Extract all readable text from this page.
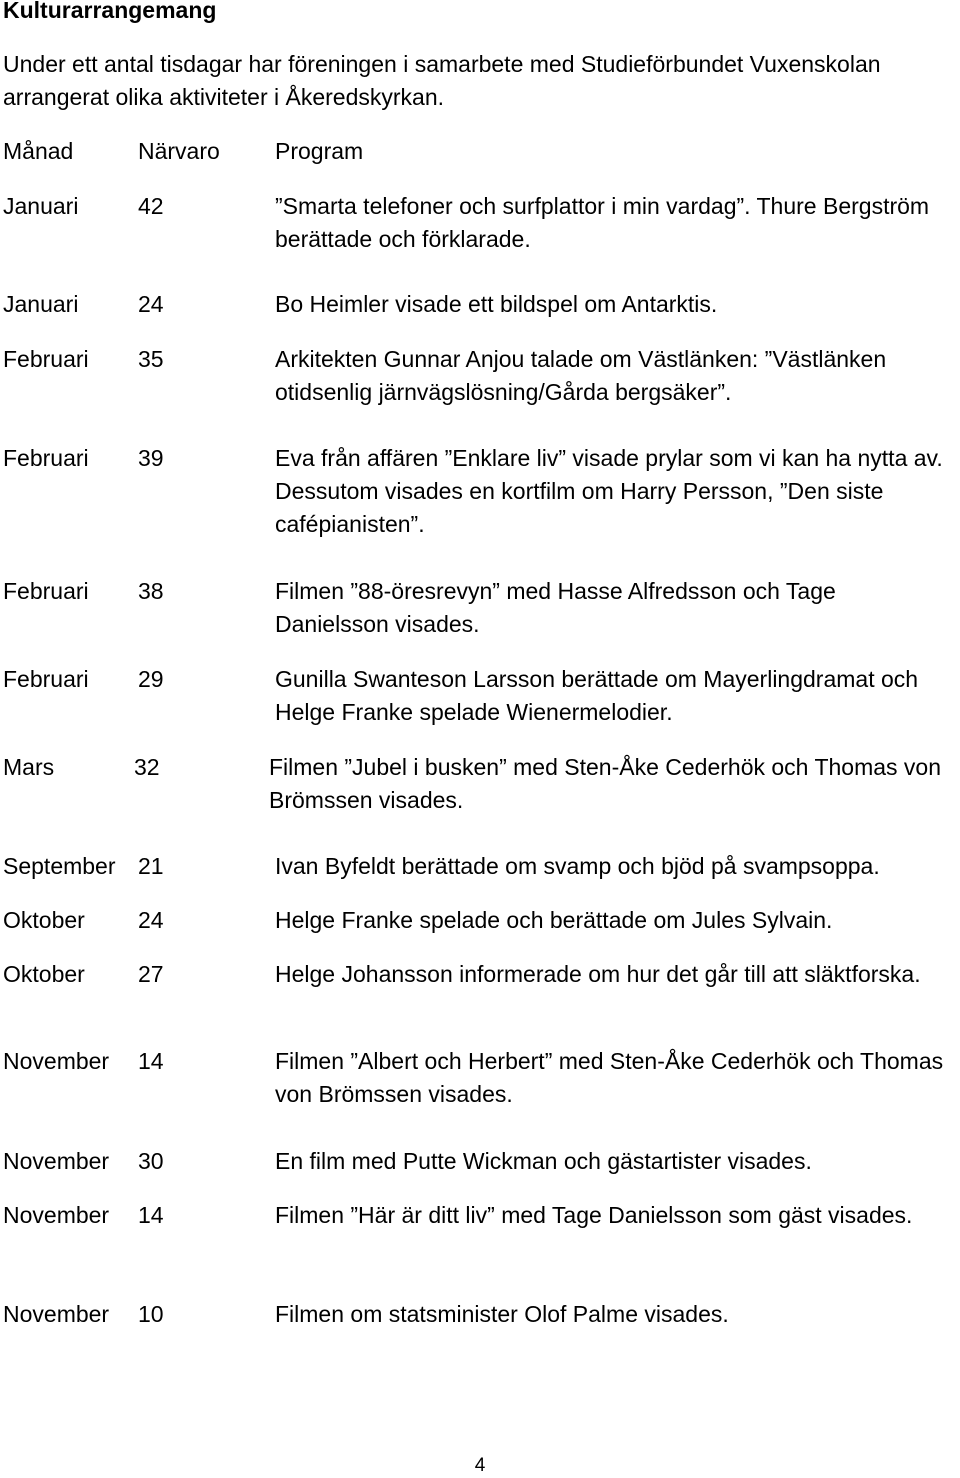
Kulturarrangemang
Under ett antal tisdagar har föreningen i samarbete med Studieförbundet Vuxenskolan arrangerat olika aktiviteter i Åkeredskyrkan.
Månad	Närvaro Program
Januari	42	”Smarta telefoner och surfplattor i min vardag”. Thure Bergström berättade och förklarade.
Januari	24	Bo Heimler visade ett bildspel om Antarktis.
Februari 35	Arkitekten Gunnar Anjou talade om Västlänken: ”Västlänken otidsenlig järnvägslösning/Gårda bergsäker”.
Februari 39	Eva från affären ”Enklare liv” visade prylar som vi kan ha nytta av. Dessutom visades en kortfilm om Harry Persson, ”Den siste cafépianisten”.
Februari 38	Filmen ”88-öresrevyn” med Hasse Alfredsson och Tage Danielsson visades.
Februari 29	Gunilla Swanteson Larsson berättade om Mayerlingdramat och Helge Franke spelade Wienermelodier.
Mars	32	Filmen ”Jubel i busken” med Sten-Åke Cederhök och Thomas von Brömssen visades.
September 21	Ivan Byfeldt berättade om svamp och bjöd på svampsoppa.
Oktober 24	Helge Franke spelade och berättade om Jules Sylvain.
Oktober 27	Helge Johansson informerade om hur det går till att släktforska.
November 14	Filmen ”Albert och Herbert” med Sten-Åke Cederhök och Thomas von Brömssen visades.
November 30	En film med Putte Wickman och gästartister visades.
November 14	Filmen ”Här är ditt liv” med Tage Danielsson som gäst visades.
November 10	Filmen om statsminister Olof Palme visades.
4
